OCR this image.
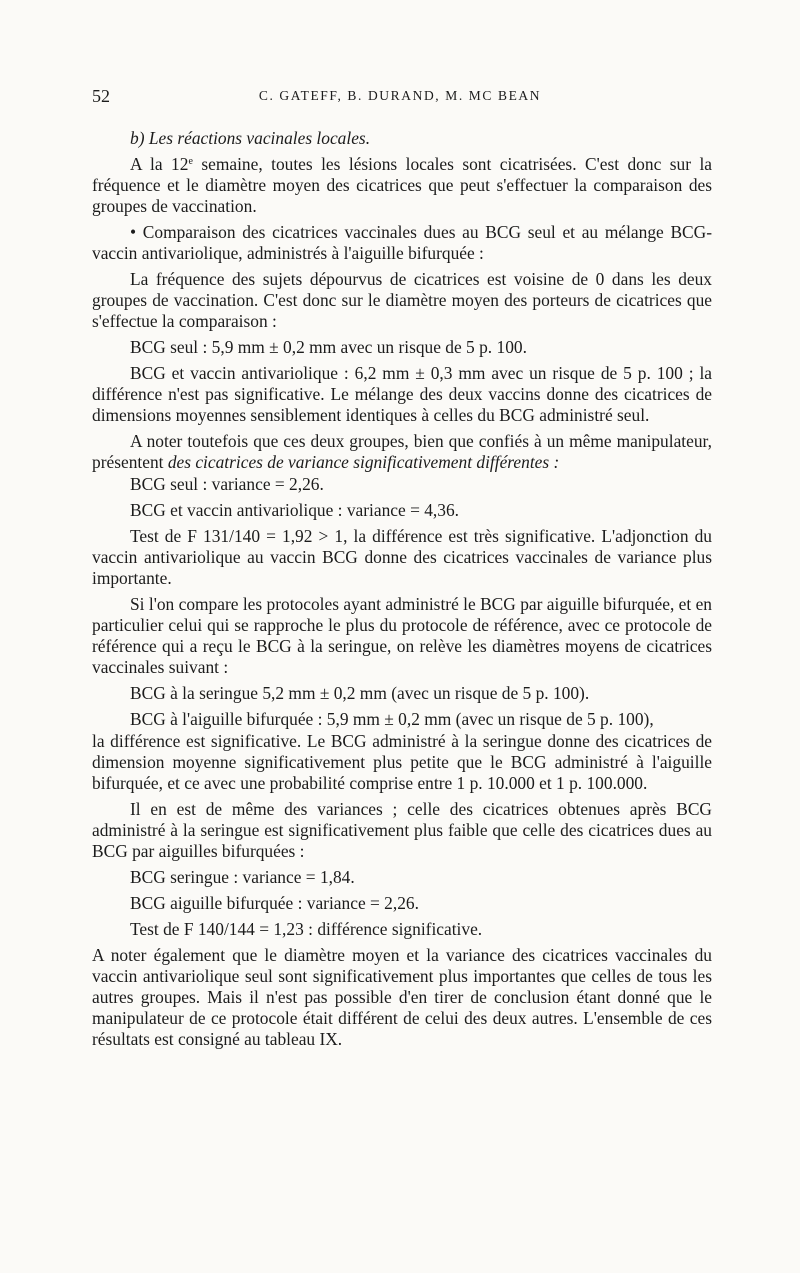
52	C. GATEFF, B. DURAND, M. MC BEAN

b) Les réactions vacinales locales.

A la 12e semaine, toutes les lésions locales sont cicatrisées. C'est donc sur la fréquence et le diamètre moyen des cicatrices que peut s'effectuer la comparaison des groupes de vaccination.

• Comparaison des cicatrices vaccinales dues au BCG seul et au mélange BCG-vaccin antivariolique, administrés à l'aiguille bifurquée :

La fréquence des sujets dépourvus de cicatrices est voisine de 0 dans les deux groupes de vaccination. C'est donc sur le diamètre moyen des porteurs de cicatrices que s'effectue la comparaison :

BCG seul : 5,9 mm ± 0,2 mm avec un risque de 5 p. 100.

BCG et vaccin antivariolique : 6,2 mm ± 0,3 mm avec un risque de 5 p. 100 ; la différence n'est pas significative. Le mélange des deux vaccins donne des cicatrices de dimensions moyennes sensiblement identiques à celles du BCG administré seul.

A noter toutefois que ces deux groupes, bien que confiés à un même manipulateur, présentent des cicatrices de variance significativement différentes :

BCG seul : variance = 2,26.

BCG et vaccin antivariolique : variance = 4,36.

Test de F 131/140 = 1,92 > 1, la différence est très significative. L'adjonction du vaccin antivariolique au vaccin BCG donne des cicatrices vaccinales de variance plus importante.

Si l'on compare les protocoles ayant administré le BCG par aiguille bifurquée, et en particulier celui qui se rapproche le plus du protocole de référence, avec ce protocole de référence qui a reçu le BCG à la seringue, on relève les diamètres moyens de cicatrices vaccinales suivant :

BCG à la seringue 5,2 mm ± 0,2 mm (avec un risque de 5 p. 100).

BCG à l'aiguille bifurquée : 5,9 mm ± 0,2 mm (avec un risque de 5 p. 100),

la différence est significative. Le BCG administré à la seringue donne des cicatrices de dimension moyenne significativement plus petite que le BCG administré à l'aiguille bifurquée, et ce avec une probabilité comprise entre 1 p. 10.000 et 1 p. 100.000.

Il en est de même des variances ; celle des cicatrices obtenues après BCG administré à la seringue est significativement plus faible que celle des cicatrices dues au BCG par aiguilles bifurquées :

BCG seringue : variance = 1,84.

BCG aiguille bifurquée : variance = 2,26.

Test de F 140/144 = 1,23 : différence significative.

A noter également que le diamètre moyen et la variance des cicatrices vaccinales du vaccin antivariolique seul sont significativement plus importantes que celles de tous les autres groupes. Mais il n'est pas possible d'en tirer de conclusion étant donné que le manipulateur de ce protocole était différent de celui des deux autres. L'ensemble de ces résultats est consigné au tableau IX.
